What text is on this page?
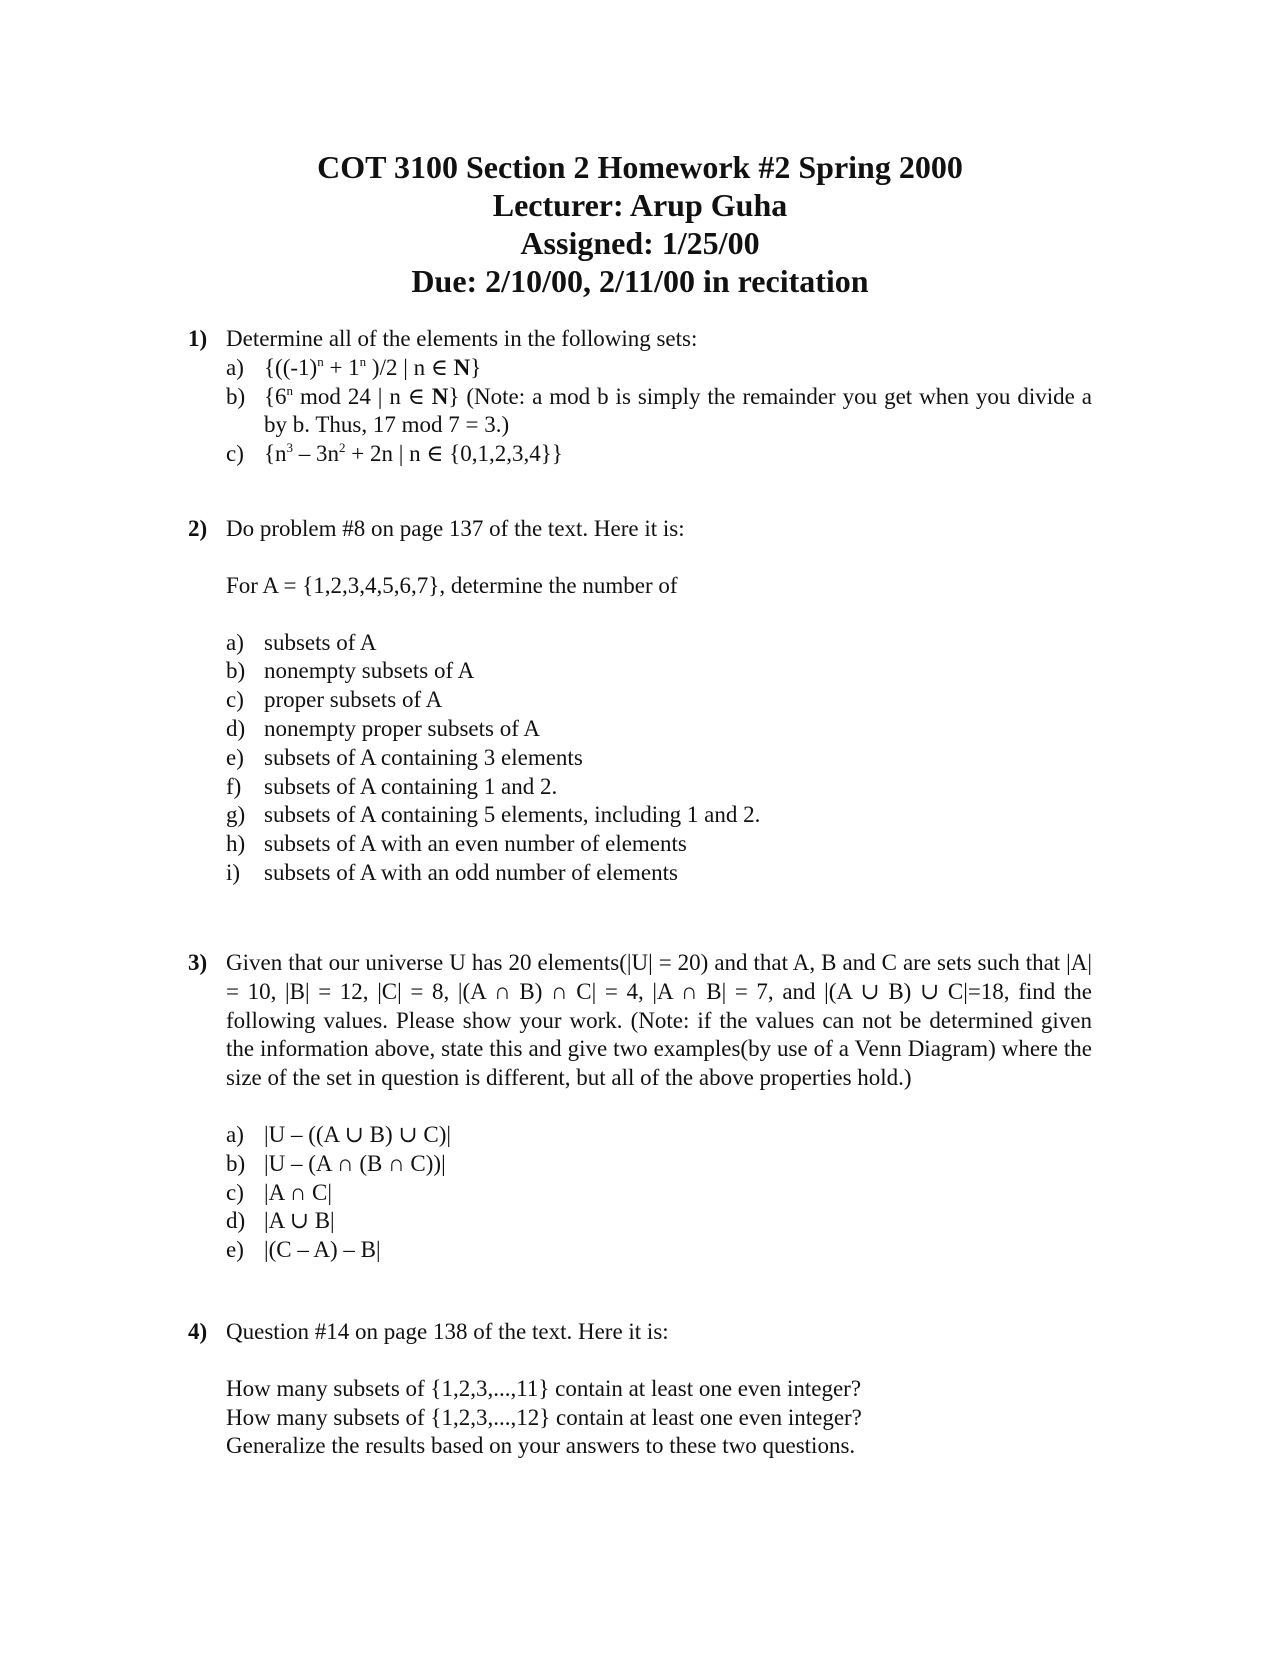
COT 3100 Section 2 Homework #2 Spring 2000
Lecturer: Arup Guha
Assigned: 1/25/00
Due: 2/10/00, 2/11/00 in recitation
1) Determine all of the elements in the following sets:
a) {($(-1)^n + 1^n$ )/2 | n ∈ N}
b) {6$^n$ mod 24 | n ∈ N} (Note: a mod b is simply the remainder you get when you divide a by b. Thus, 17 mod 7 = 3.)
c) {$n^3 - 3n^2 + 2n$ | n ∈ {0,1,2,3,4}}
2) Do problem #8 on page 137 of the text. Here it is:
For A = {1,2,3,4,5,6,7}, determine the number of
a) subsets of A
b) nonempty subsets of A
c) proper subsets of A
d) nonempty proper subsets of A
e) subsets of A containing 3 elements
f) subsets of A containing 1 and 2.
g) subsets of A containing 5 elements, including 1 and 2.
h) subsets of A with an even number of elements
i)	subsets of A with an odd number of elements
3) Given that our universe U has 20 elements(|U| = 20) and that A, B and C are sets such that |A| = 10, |B| = 12, |C| = 8, |(A ∩ B) ∩ C| = 4, |A ∩ B| = 7, and |(A ∪ B) ∪ C|=18, find the following values. Please show your work. (Note: if the values can not be determined given the information above, state this and give two examples(by use of a Venn Diagram) where the size of the set in question is different, but all of the above properties hold.)
a) |U – ((A ∪ B) ∪ C)|
b) |U – (A ∩ (B ∩ C))|
c) |A ∩ C|
d) |A ∪ B|
e) |(C – A) – B|
4) Question #14 on page 138 of the text. Here it is:
How many subsets of {1,2,3,...,11} contain at least one even integer?
How many subsets of {1,2,3,...,12} contain at least one even integer?
Generalize the results based on your answers to these two questions.
